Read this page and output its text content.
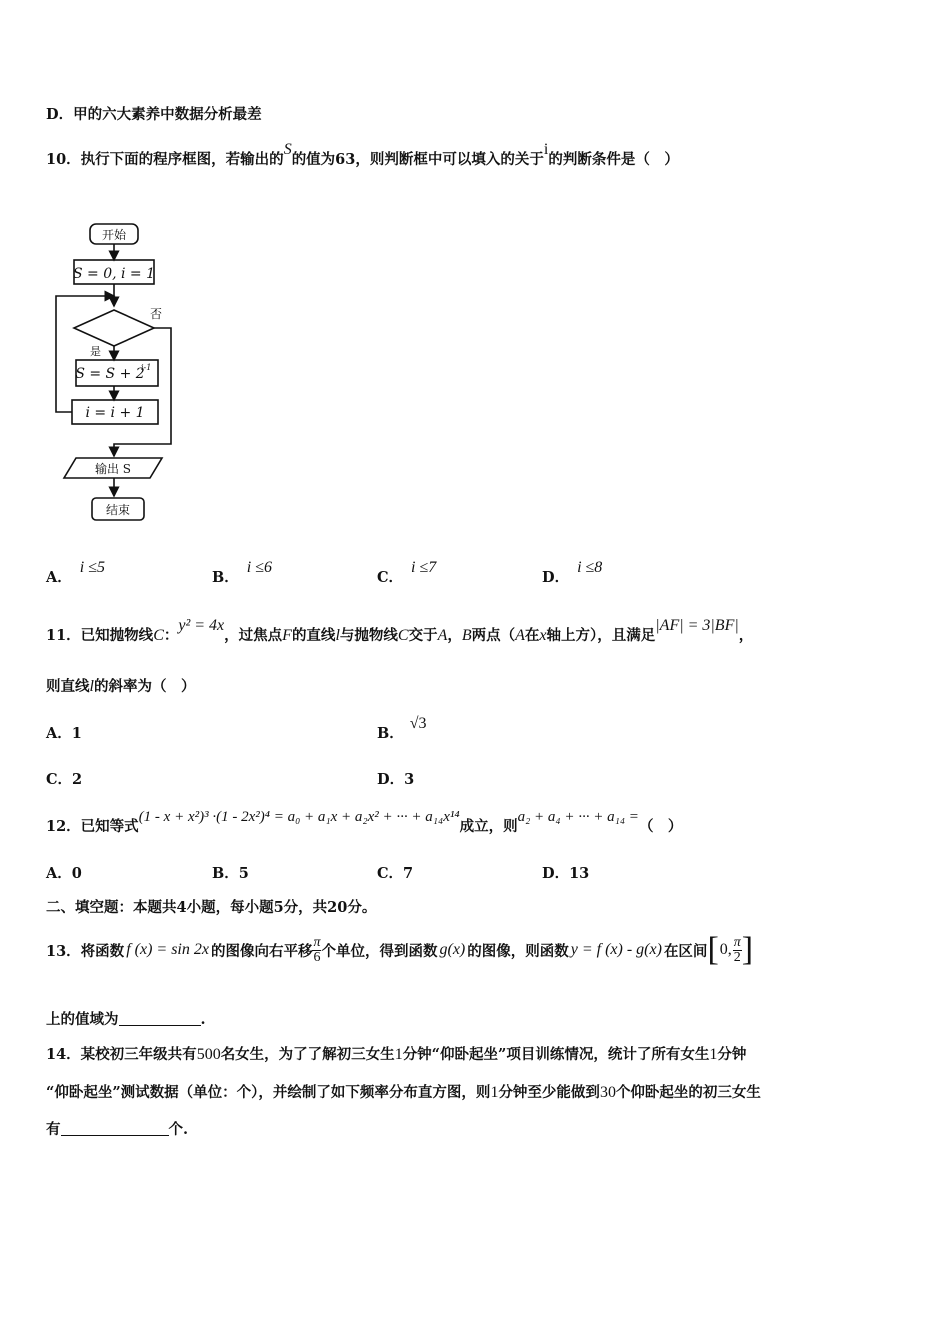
D．甲的六大素养中数据分析最差
10．执行下面的程序框图，若输出的S的值为63，则判断框中可以填入的关于i的判断条件是（　）
开始
S = 0, i = 1
否
是
S = S + 2
i-1
i = i + 1
输出 S
结束
A．i ≤5
B．i ≤6
C．i ≤7
D．i ≤8
11．已知抛物线C：y² = 4x，过焦点F的直线l与抛物线C交于A，B两点（A在x轴上方），且满足|AF| = 3|BF|，
则直线l的斜率为（　）
A．1	B．√3
C．2	D．3
12．已知等式(1 - x + x²)³ ·(1 - 2x²)⁴ = a₀ + a₁x + a₂x² + ··· + a₁₄x¹⁴成立，则a₂ + a₄ + ··· + a₁₄ =（　）
A．0	B．5	C．7	D．13
二、填空题：本题共4小题，每小题5分，共20分。
13．将函数 f (x) = sin 2x 的图像向右平移 $\frac{\pi}{6}$ 个单位，得到函数 g(x) 的图像，则函数 y = f (x) - g(x) 在区间 [ 0, $\frac{\pi}{2}$ ]
上的值域为	.
14．某校初三年级共有500名女生，为了了解初三女生1分钟“仰卧起坐”项目训练情况，统计了所有女生1分钟
“仰卧起坐”测试数据（单位：个），并绘制了如下频率分布直方图，则1分钟至少能做到30个仰卧起坐的初三女生
有	个.
